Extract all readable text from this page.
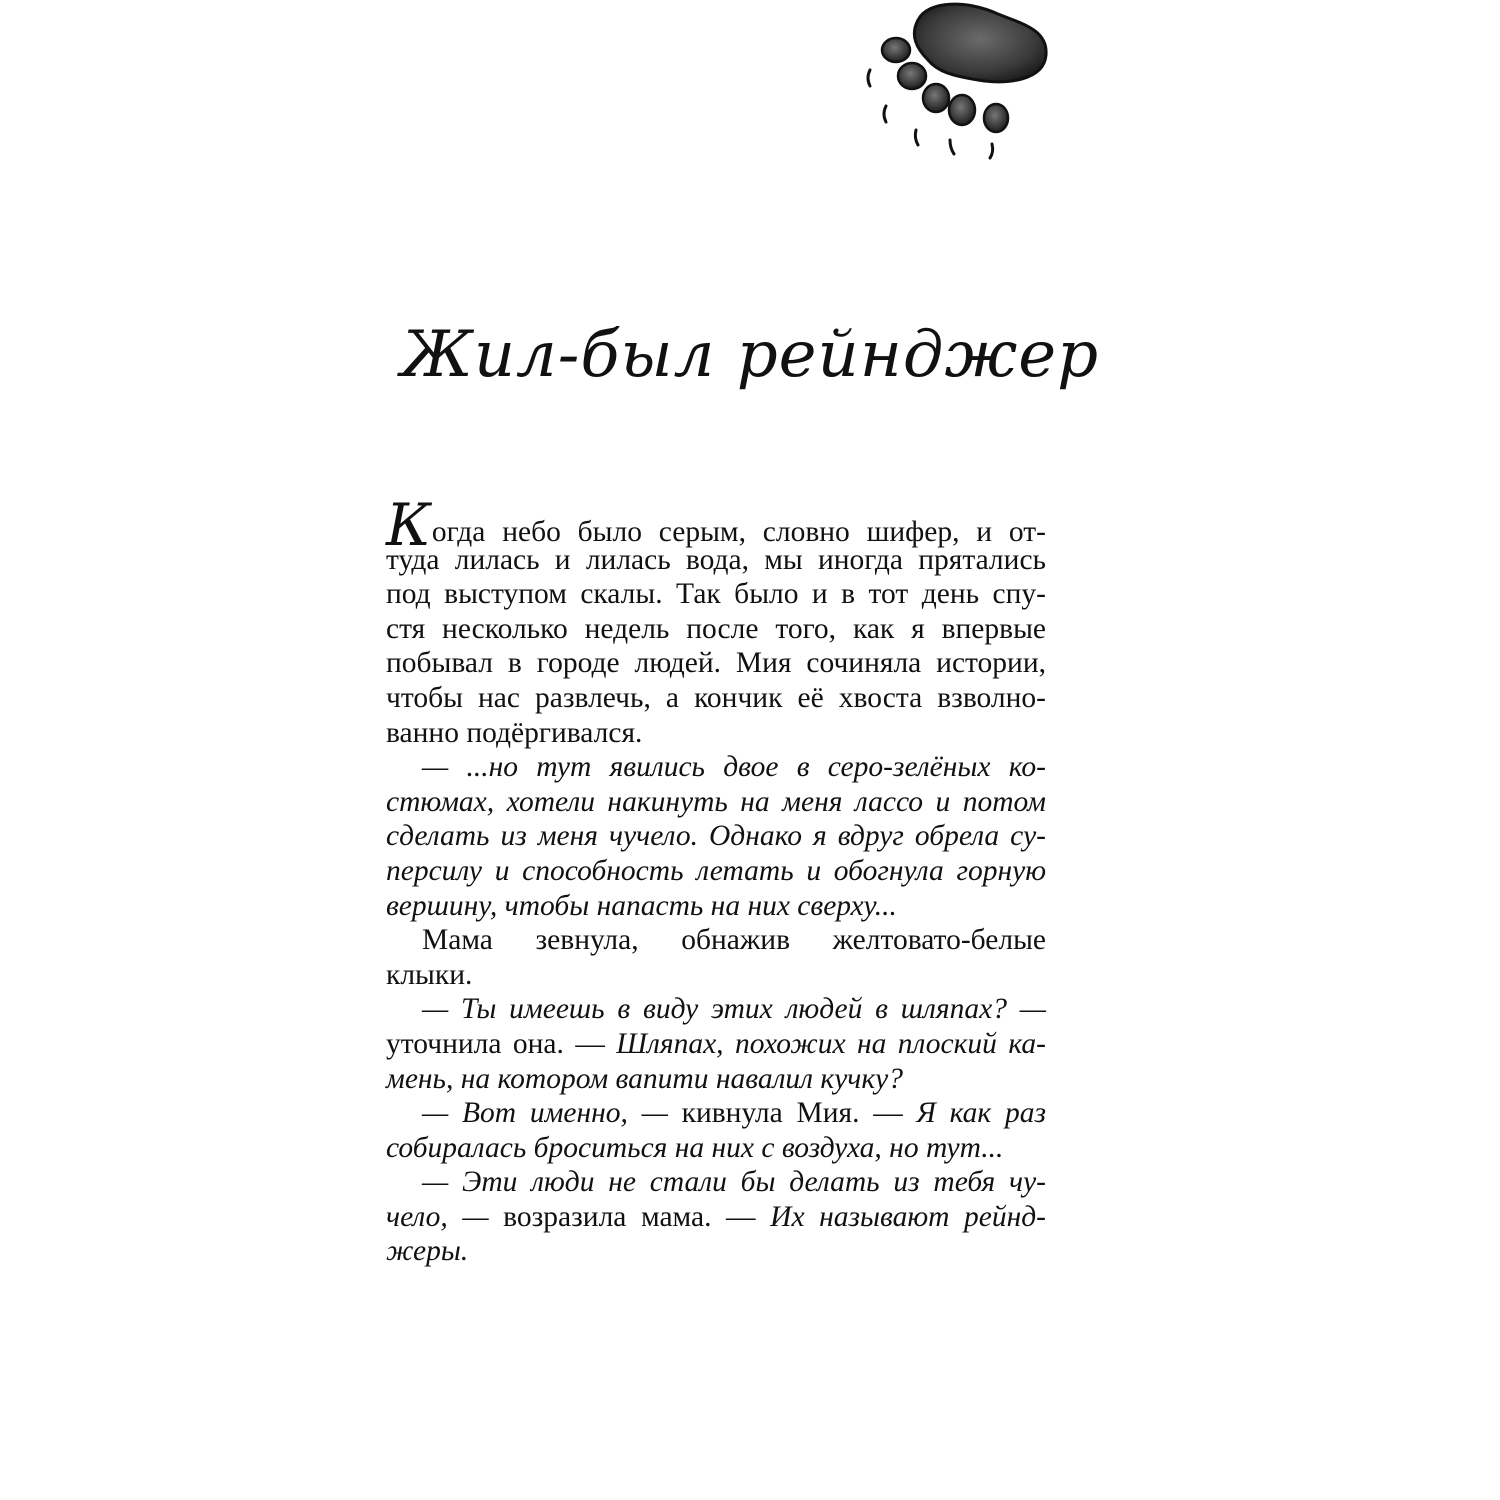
Жил-был рейнджер
Когда небо было серым, словно шифер, и от-
туда лилась и лилась вода, мы иногда прятались
под выступом скалы. Так было и в тот день спу-
стя несколько недель после того, как я впервые
побывал в городе людей. Мия сочиняла истории,
чтобы нас развлечь, а кончик её хвоста взволно-
ванно подёргивался.
— ...но тут явились двое в серо-зелёных ко-
стюмах, хотели накинуть на меня лассо и потом
сделать из меня чучело. Однако я вдруг обрела су-
персилу и способность летать и обогнула горную
вершину, чтобы напасть на них сверху...
Мама зевнула, обнажив желтовато-белые
клыки.
— Ты имеешь в виду этих людей в шляпах? —
уточнила она. — Шляпах, похожих на плоский ка-
мень, на котором вапити навалил кучку?
— Вот именно, — кивнула Мия. — Я как раз
собиралась броситься на них с воздуха, но тут...
— Эти люди не стали бы делать из тебя чу-
чело, — возразила мама. — Их называют рейнд-
жеры.
